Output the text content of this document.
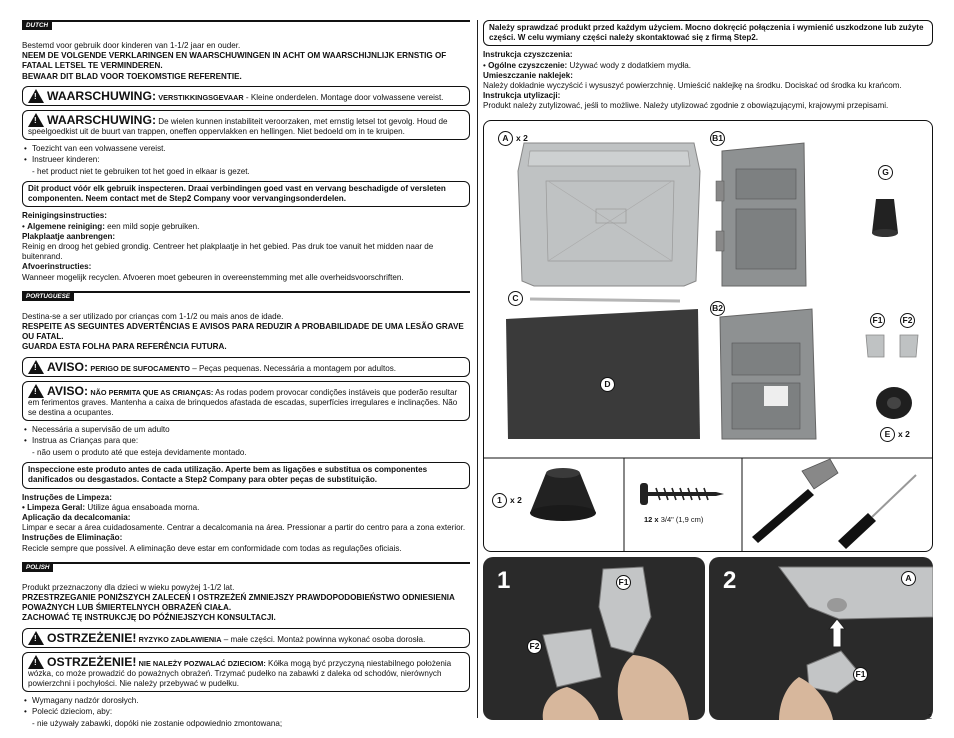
DUTCH

Bestemd voor gebruik door kinderen van 1-1/2 jaar en ouder.

NEEM DE VOLGENDE VERKLARINGEN EN WAARSCHUWINGEN IN ACHT OM WAARSCHIJNLIJK ERNSTIG OF FATAAL LETSEL TE VERMINDEREN.

BEWAAR DIT BLAD VOOR TOEKOMSTIGE REFERENTIE.

! WAARSCHUWING: VERSTIKKINGSGEVAAR - Kleine onderdelen. Montage door volwassene vereist.
! WAARSCHUWING: De wielen kunnen instabiliteit veroorzaken, met ernstig letsel tot gevolg. Houd de speelgoedkist uit de buurt van trappen, oneffen oppervlakken en hellingen. Niet bedoeld om in te kruipen.
• Toezicht van een volwassene vereist.
• Instrueer kinderen:

- het product niet te gebruiken tot het goed in elkaar is gezet.

Dit product vóór elk gebruik inspecteren. Draai verbindingen goed vast en vervang beschadigde of versleten componenten. Neem contact met de Step2 Company voor vervangingsonderdelen.

Reinigingsinstructies:

• Algemene reiniging: een mild sopje gebruiken.

Plakplaatje aanbrengen:

Reinig en droog het gebied grondig. Centreer het plakplaatje in het gebied. Pas druk toe vanuit het midden naar de buitenrand.

Afvoerinstructies:

Wanneer mogelijk recyclen. Afvoeren moet gebeuren in overeenstemming met alle overheidsvoorschriften.

PORTUGUESE

Destina-se a ser utilizado por crianças com 1-1/2 ou mais anos de idade.

RESPEITE AS SEGUINTES ADVERTÊNCIAS E AVISOS PARA REDUZIR A PROBABILIDADE DE UMA LESÃO GRAVE OU FATAL.

GUARDA ESTA FOLHA PARA REFERÊNCIA FUTURA.

! AVISO: PERIGO DE SUFOCAMENTO – Peças pequenas. Necessária a montagem por adultos.
! AVISO: NÃO PERMITA QUE AS CRIANÇAS: As rodas podem provocar condições instáveis que poderão resultar em ferimentos graves. Mantenha a caixa de brinquedos afastada de escadas, superfícies irregulares e inclinações. Não se destina a ocupantes.
• Necessária a supervisão de um adulto
• Instrua as Crianças para que:

- não usem o produto até que esteja devidamente montado.

Inspeccione este produto antes de cada utilização. Aperte bem as ligações e substitua os componentes danificados ou desgastados. Contacte a Step2 Company para obter peças de substituição.

Instruções de Limpeza:

• Limpeza Geral: Utilize água ensaboada morna.

Aplicação da decalcomania:

Limpar e secar a área cuidadosamente. Centrar a decalcomania na área. Pressionar a partir do centro para a zona exterior.

Instruções de Eliminação:

Recicle sempre que possível. A eliminação deve estar em conformidade com todas as regulações oficiais.

POLISH

Produkt przeznaczony dla dzieci w wieku powyżej 1-1/2 lat.

PRZESTRZEGANIE PONIŻSZYCH ZALECEŃ I OSTRZEŻEŃ ZMNIEJSZY PRAWDOPODOBIEŃSTWO ODNIESIENIA POWAŻNYCH LUB ŚMIERTELNYCH OBRAŻEŃ CIAŁA.

ZACHOWAĆ TĘ INSTRUKCJĘ DO PÓŹNIEJSZYCH KONSULTACJI.

! OSTRZEŻENIE! RYZYKO ZADŁAWIENIA – małe części. Montaż powinna wykonać osoba dorosła.
! OSTRZEŻENIE! NIE NALEŻY POZWALAĆ DZIECIOM: Kółka mogą być przyczyną niestabilnego położenia wózka, co może prowadzić do poważnych obrażeń. Trzymać pudełko na zabawki z daleka od schodów, nierównych powierzchni i pochyłości. Nie należy przebywać w pudełku.
• Wymagany nadzór dorosłych.
• Polecić dzieciom, aby:

- nie używały zabawki, dopóki nie zostanie odpowiednio zmontowana;

Należy sprawdzać produkt przed każdym użyciem. Mocno dokręcić połączenia i wymienić uszkodzone lub zużyte części. W celu wymiany części należy skontaktować się z firmą Step2.

Instrukcja czyszczenia:

• Ogólne czyszczenie: Używać wody z dodatkiem mydła.

Umieszczanie naklejek:

Należy dokładnie wyczyścić i wysuszyć powierzchnię. Umieścić naklejkę na środku. Dociskać od środka ku krańcom.

Instrukcja utylizacji:

Produkt należy zutylizować, jeśli to możliwe. Należy utylizować zgodnie z obowiązującymi, krajowymi przepisami.

A x 2	B1
G
C
B2
D
F1 F2
E x 2
1 x 2
12 x 3/4" (1,9 cm)
1	F1
F2
2	A
F1
2
